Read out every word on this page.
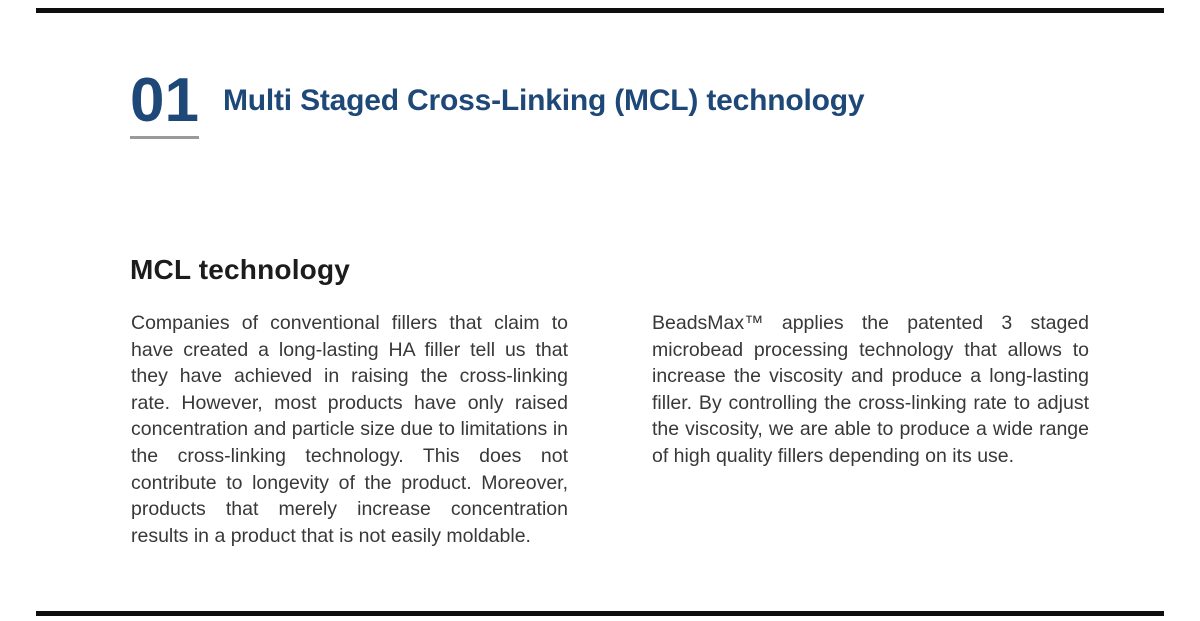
01 Multi Staged Cross-Linking (MCL) technology
MCL technology
Companies of conventional fillers that claim to have created a long-lasting HA filler tell us that they have achieved in raising the cross-linking rate. However, most products have only raised concentration and particle size due to limitations in the cross-linking technology. This does not contribute to longevity of the product. Moreover, products that merely increase concentration results in a product that is not easily moldable.
BeadsMax™ applies the patented 3 staged microbead processing technology that allows to increase the viscosity and produce a long-lasting filler. By controlling the cross-linking rate to adjust the viscosity, we are able to produce a wide range of high quality fillers depending on its use.
